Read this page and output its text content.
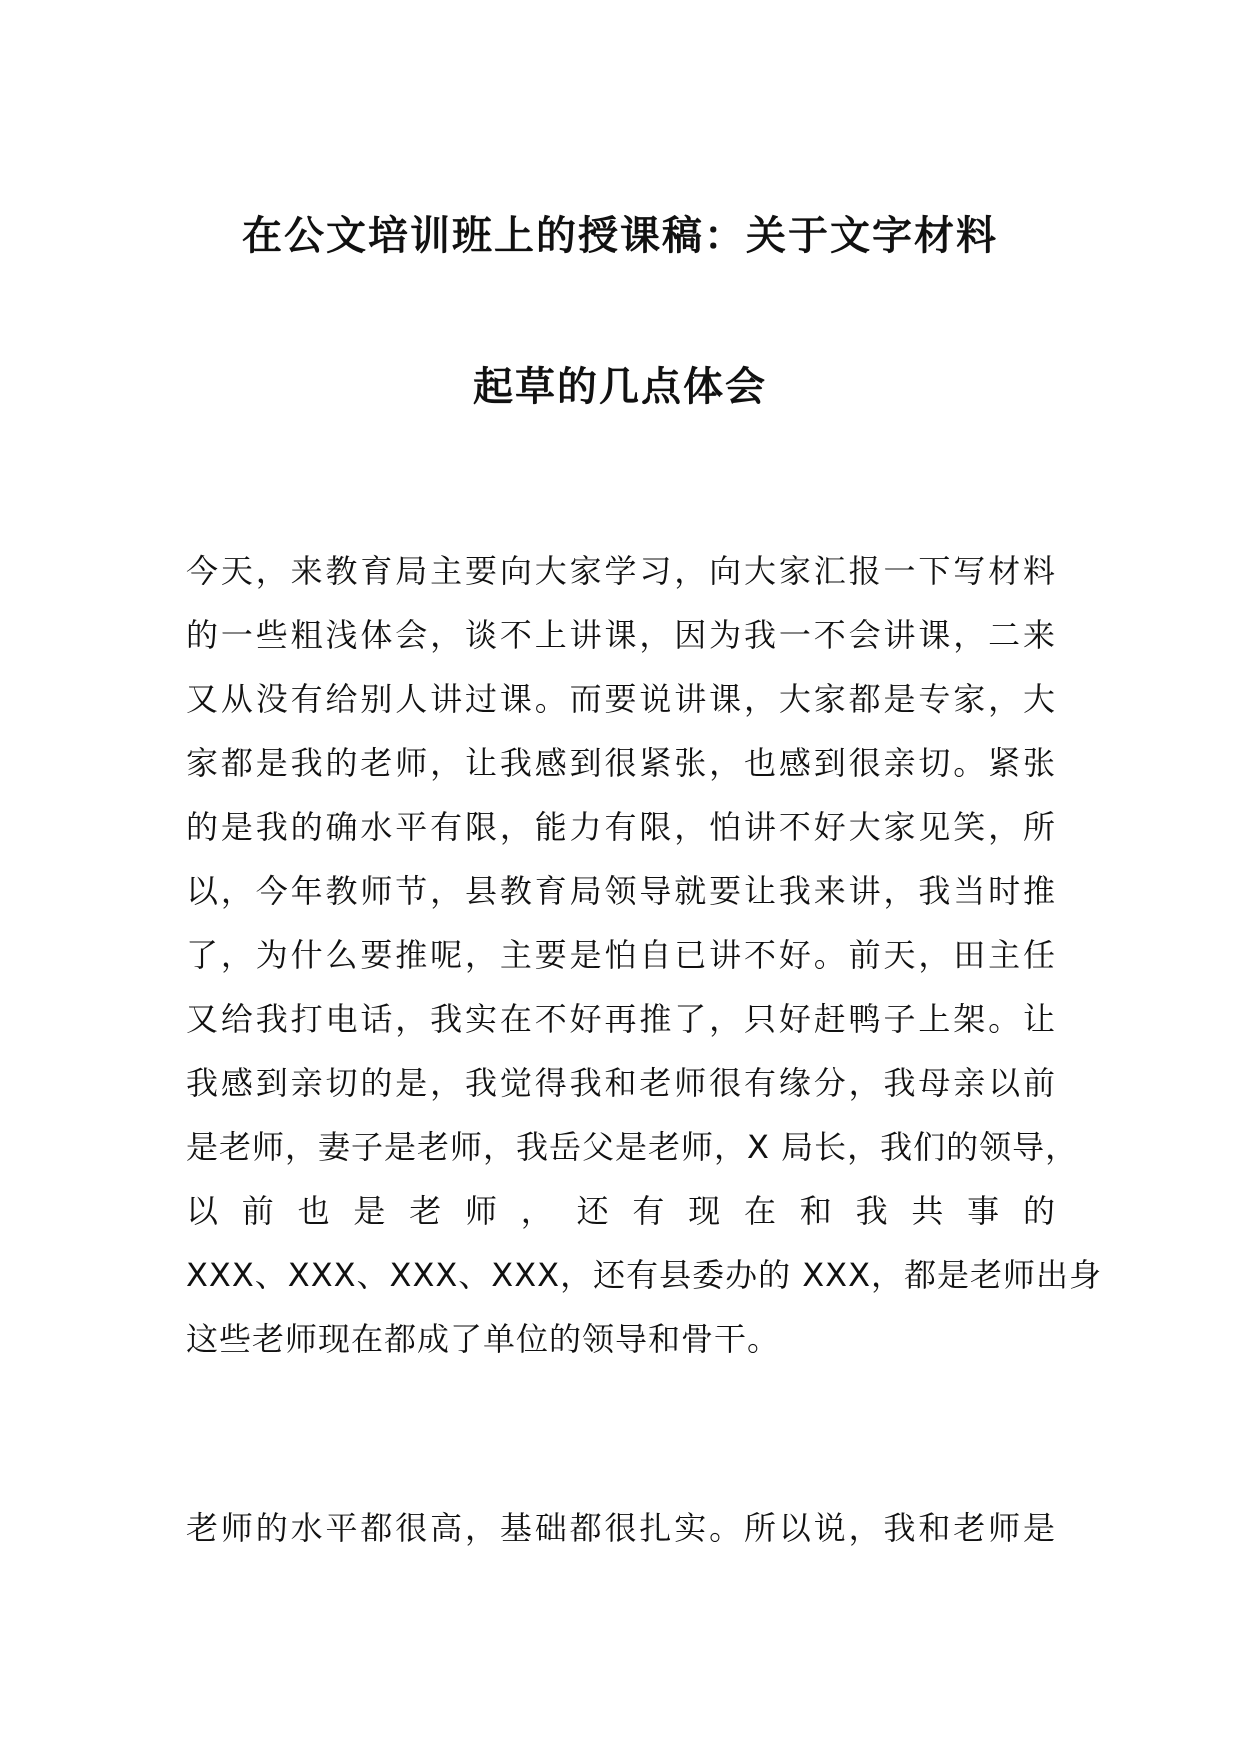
在公文培训班上的授课稿：关于文字材料
起草的几点体会
今天，来教育局主要向大家学习，向大家汇报一下写材料
的一些粗浅体会，谈不上讲课，因为我一不会讲课，二来
又从没有给别人讲过课。而要说讲课，大家都是专家，大
家都是我的老师，让我感到很紧张，也感到很亲切。紧张
的是我的确水平有限，能力有限，怕讲不好大家见笑，所
以，今年教师节，县教育局领导就要让我来讲，我当时推
了，为什么要推呢，主要是怕自已讲不好。前天，田主任
又给我打电话，我实在不好再推了，只好赶鸭子上架。让
我感到亲切的是，我觉得我和老师很有缘分，我母亲以前
是老师，妻子是老师，我岳父是老师，X 局长，我们的领导，
以 前 也 是 老 师 ， 还 有 现 在 和 我 共 事 的
XXX、XXX、XXX、XXX，还有县委办的 XXX，都是老师出身
这些老师现在都成了单位的领导和骨干。
老师的水平都很高，基础都很扎实。所以说，我和老师是
